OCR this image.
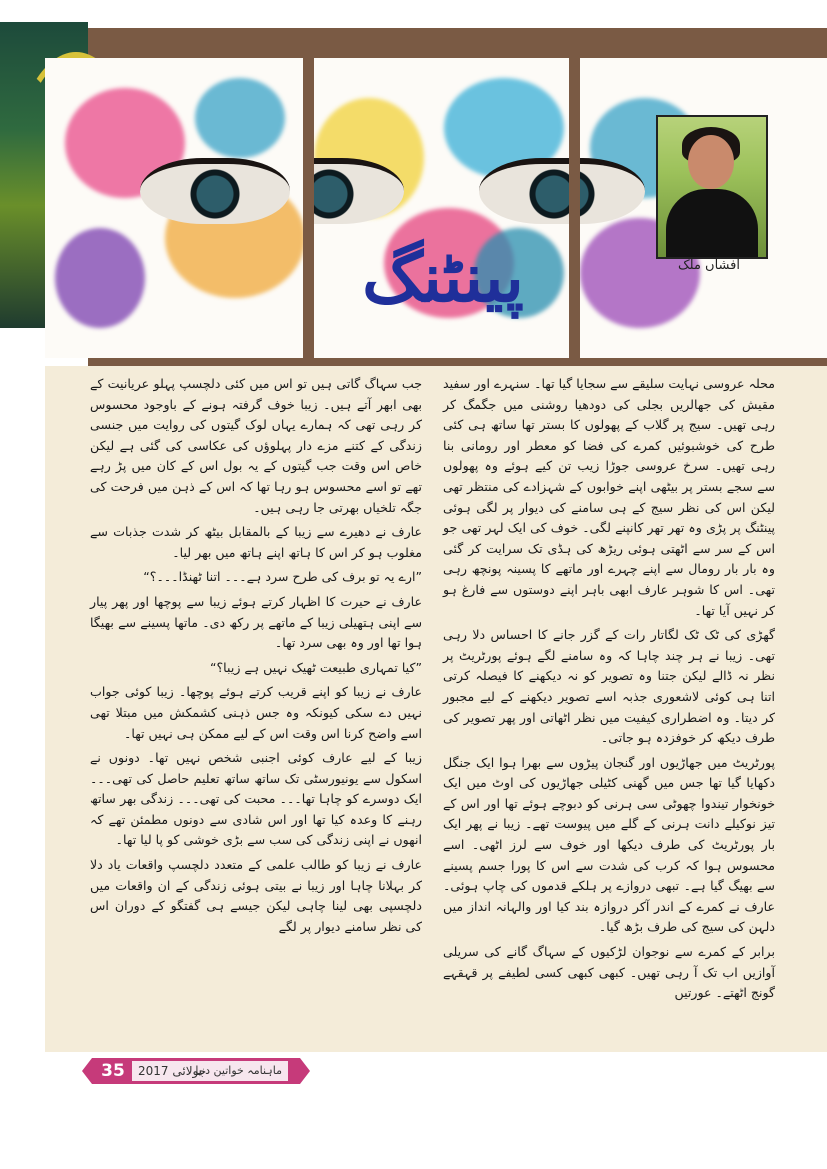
افشاں ملک
پینٹنگ

محلہ عروسی نہایت سلیقے سے سجایا گیا تھا۔ سنہرے اور سفید مقیش کی جھالریں بجلی کی دودھیا روشنی میں جگمگ کر رہی تھیں۔ سیج پر گلاب کے پھولوں کا بستر تھا ساتھ ہی کئی طرح کی خوشبوئیں کمرے کی فضا کو معطر اور رومانی بنا رہی تھیں۔ سرخ عروسی جوڑا زیب تن کیے ہوئے وہ پھولوں سے سجے بستر پر بیٹھی اپنے خوابوں کے شہزادے کی منتظر تھی لیکن اس کی نظر سیج کے ہی سامنے کی دیوار پر لگی ہوئی پینٹنگ پر پڑی وہ تھر تھر کانپنے لگی۔ خوف کی ایک لہر تھی جو اس کے سر سے اٹھتی ہوئی ریڑھ کی ہڈی تک سرایت کر گئی وہ بار بار رومال سے اپنے چہرے اور ماتھے کا پسینہ پونچھ رہی تھی۔ اس کا شوہر عارف ابھی باہر اپنے دوستوں سے فارغ ہو کر نہیں آیا تھا۔

گھڑی کی ٹک ٹک لگاتار رات کے گزر جانے کا احساس دلا رہی تھی۔ زیبا نے ہر چند چاہا کہ وہ سامنے لگے ہوئے پورٹریٹ پر نظر نہ ڈالے لیکن جتنا وہ تصویر کو نہ دیکھنے کا فیصلہ کرتی اتنا ہی کوئی لاشعوری جذبہ اسے تصویر دیکھنے کے لیے مجبور کر دیتا۔ وہ اضطراری کیفیت میں نظر اٹھاتی اور پھر تصویر کی طرف دیکھ کر خوفزدہ ہو جاتی۔

پورٹریٹ میں جھاڑیوں اور گنجان پیڑوں سے بھرا ہوا ایک جنگل دکھایا گیا تھا جس میں گھنی کٹیلی جھاڑیوں کی اوٹ میں ایک خونخوار تیندوا چھوٹی سی ہرنی کو دبوچے ہوئے تھا اور اس کے تیز نوکیلے دانت ہرنی کے گلے میں پیوست تھے۔ زیبا نے پھر ایک بار پورٹریٹ کی طرف دیکھا اور خوف سے لرز اٹھی۔ اسے محسوس ہوا کہ کرب کی شدت سے اس کا پورا جسم پسینے سے بھیگ گیا ہے۔ تبھی دروازے پر ہلکے قدموں کی چاپ ہوئی۔ عارف نے کمرے کے اندر آکر دروازہ بند کیا اور والہانہ انداز میں دلہن کی سیج کی طرف بڑھ گیا۔

برابر کے کمرے سے نوجوان لڑکیوں کے سہاگ گانے کی سریلی آوازیں اب تک آ رہی تھیں۔ کبھی کبھی کسی لطیفے پر قہقہے گونج اٹھتے۔ عورتیں

جب سہاگ گاتی ہیں تو اس میں کئی دلچسپ پہلو عریانیت کے بھی ابھر آتے ہیں۔ زیبا خوف گرفتہ ہونے کے باوجود محسوس کر رہی تھی کہ ہمارے یہاں لوک گیتوں کی روایت میں جنسی زندگی کے کتنے مزے دار پہلوؤں کی عکاسی کی گئی ہے لیکن خاص اس وقت جب گیتوں کے یہ بول اس کے کان میں پڑ رہے تھے تو اسے محسوس ہو رہا تھا کہ اس کے ذہن میں فرحت کی جگہ تلخیاں بھرتی جا رہی ہیں۔

عارف نے دھیرے سے زیبا کے بالمقابل بیٹھ کر شدت جذبات سے مغلوب ہو کر اس کا ہاتھ اپنے ہاتھ میں بھر لیا۔

”ارے یہ تو برف کی طرح سرد ہے۔۔۔ اتنا ٹھنڈا۔۔۔؟“

عارف نے حیرت کا اظہار کرتے ہوئے زیبا سے پوچھا اور پھر پیار سے اپنی ہتھیلی زیبا کے ماتھے پر رکھ دی۔ ماتھا پسینے سے بھیگا ہوا تھا اور وہ بھی سرد تھا۔

”کیا تمہاری طبیعت ٹھیک نہیں ہے زیبا؟“

عارف نے زیبا کو اپنے قریب کرتے ہوئے پوچھا۔ زیبا کوئی جواب نہیں دے سکی کیونکہ وہ جس ذہنی کشمکش میں مبتلا تھی اسے واضح کرنا اس وقت اس کے لیے ممکن ہی نہیں تھا۔

زیبا کے لیے عارف کوئی اجنبی شخص نہیں تھا۔ دونوں نے اسکول سے یونیورسٹی تک ساتھ ساتھ تعلیم حاصل کی تھی۔۔۔ ایک دوسرے کو چاہا تھا۔۔۔ محبت کی تھی۔۔۔ زندگی بھر ساتھ رہنے کا وعدہ کیا تھا اور اس شادی سے دونوں مطمئن تھے کہ انھوں نے اپنی زندگی کی سب سے بڑی خوشی کو پا لیا تھا۔

عارف نے زیبا کو طالب علمی کے متعدد دلچسپ واقعات یاد دلا کر بہلانا چاہا اور زیبا نے بیتی ہوئی زندگی کے ان واقعات میں دلچسپی بھی لینا چاہی لیکن جیسے ہی گفتگو کے دوران اس کی نظر سامنے دیوار پر لگے

35 جولائی 2017
ماہنامہ خواتین دنیا
